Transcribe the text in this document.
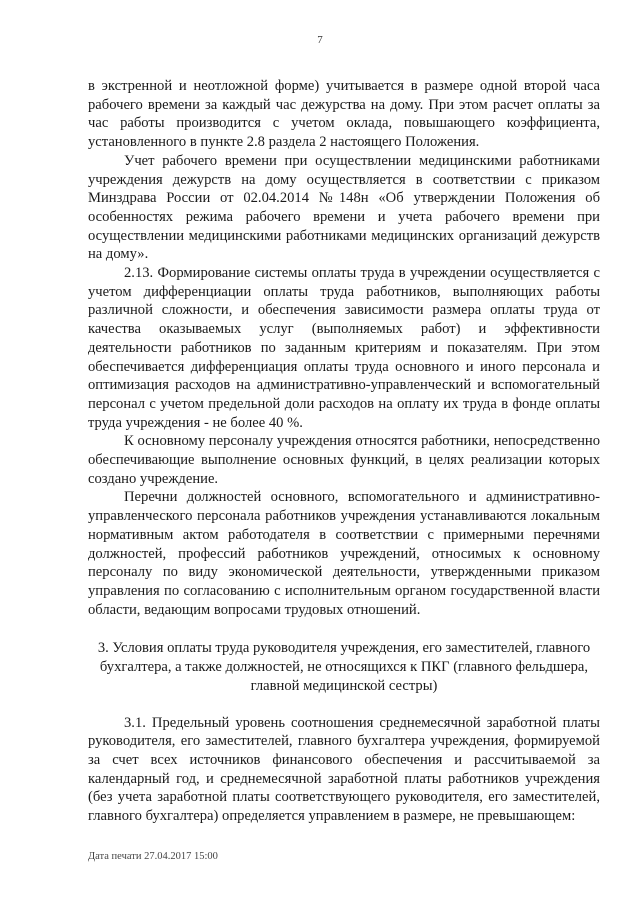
7

в экстренной и неотложной форме) учитывается в размере одной второй часа рабочего времени за каждый час дежурства на дому. При этом расчет оплаты за час работы производится с учетом оклада, повышающего коэффициента, установленного в пункте 2.8 раздела 2 настоящего Положения.

Учет рабочего времени при осуществлении медицинскими работниками учреждения дежурств на дому осуществляется в соответствии с приказом Минздрава России от 02.04.2014 №148н «Об утверждении Положения об особенностях режима рабочего времени и учета рабочего времени при осуществлении медицинскими работниками медицинских организаций дежурств на дому».

2.13. Формирование системы оплаты труда в учреждении осуществляется с учетом дифференциации оплаты труда работников, выполняющих работы различной сложности, и обеспечения зависимости размера оплаты труда от качества оказываемых услуг (выполняемых работ) и эффективности деятельности работников по заданным критериям и показателям. При этом обеспечивается дифференциация оплаты труда основного и иного персонала и оптимизация расходов на административно-управленческий и вспомогательный персонал с учетом предельной доли расходов на оплату их труда в фонде оплаты труда учреждения - не более 40 %.

К основному персоналу учреждения относятся работники, непосредственно обеспечивающие выполнение основных функций, в целях реализации которых создано учреждение.

Перечни должностей основного, вспомогательного и административно-управленческого персонала работников учреждения устанавливаются локальным нормативным актом работодателя в соответствии с примерными перечнями должностей, профессий работников учреждений, относимых к основному персоналу по виду экономической деятельности, утвержденными приказом управления по согласованию с исполнительным органом государственной власти области, ведающим вопросами трудовых отношений.

3. Условия оплаты труда руководителя учреждения, его заместителей, главного бухгалтера, а также должностей, не относящихся к ПКГ (главного фельдшера, главной медицинской сестры)

3.1. Предельный уровень соотношения среднемесячной заработной платы руководителя, его заместителей, главного бухгалтера учреждения, формируемой за счет всех источников финансового обеспечения и рассчитываемой за календарный год, и среднемесячной заработной платы работников учреждения (без учета заработной платы соответствующего руководителя, его заместителей, главного бухгалтера) определяется управлением в размере, не превышающем:

Дата печати 27.04.2017 15:00
